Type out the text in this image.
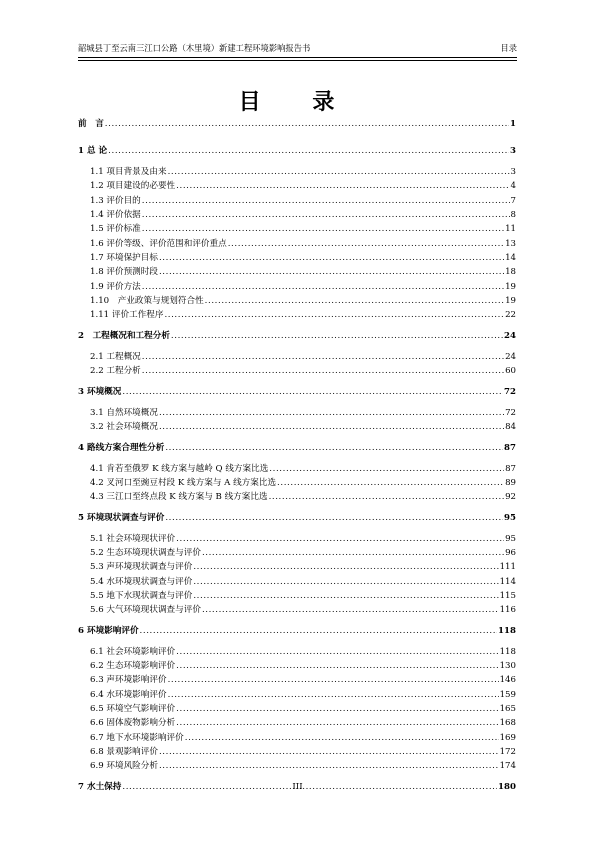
韶城县丁至云南三江口公路（木里境）新建工程环境影响报告书	目录
目 录
前　言 .....	1
1 总 论 .....	3
1.1 项目背景及由来 .....	3
1.2 项目建设的必要性 .....	4
1.3 评价目的 .....	7
1.4 评价依据 .....	8
1.5 评价标准 .....	11
1.6 评价等级、评价范围和评价重点 .....	13
1.7 环境保护目标 .....	14
1.8 评价预测时段 .....	18
1.9 评价方法 .....	19
1.10　产业政策与规划符合性 .....	19
1.11 评价工作程序 .....	22
2　工程概况和工程分析 .....	24
2.1 工程概况 .....	24
2.2 工程分析 .....	60
3 环境概况 .....	72
3.1 自然环境概况 .....	72
3.2 社会环境概况 .....	84
4 路线方案合理性分析 .....	87
4.1 肯若至俄罗 K 线方案与越岭 Q 线方案比选 .....	87
4.2 叉河口至豌豆村段 K 线方案与 A 线方案比选 .....	89
4.3 三江口至终点段 K 线方案与 B 线方案比选 .....	92
5 环境现状调查与评价 .....	95
5.1 社会环境现状评价 .....	95
5.2 生态环境现状调查与评价 .....	96
5.3 声环境现状调查与评价 .....	111
5.4 水环境现状调查与评价 .....	114
5.5 地下水现状调查与评价 .....	115
5.6 大气环境现状调查与评价 .....	116
6 环境影响评价 .....	118
6.1 社会环境影响评价 .....	118
6.2 生态环境影响评价 .....	130
6.3 声环境影响评价 .....	146
6.4 水环境影响评价 .....	159
6.5 环境空气影响评价 .....	165
6.6 固体废物影响分析 .....	168
6.7 地下水环境影响评价 .....	169
6.8 景观影响评价 .....	172
6.9 环境风险分析 .....	174
7 水土保持 .....	180
III
